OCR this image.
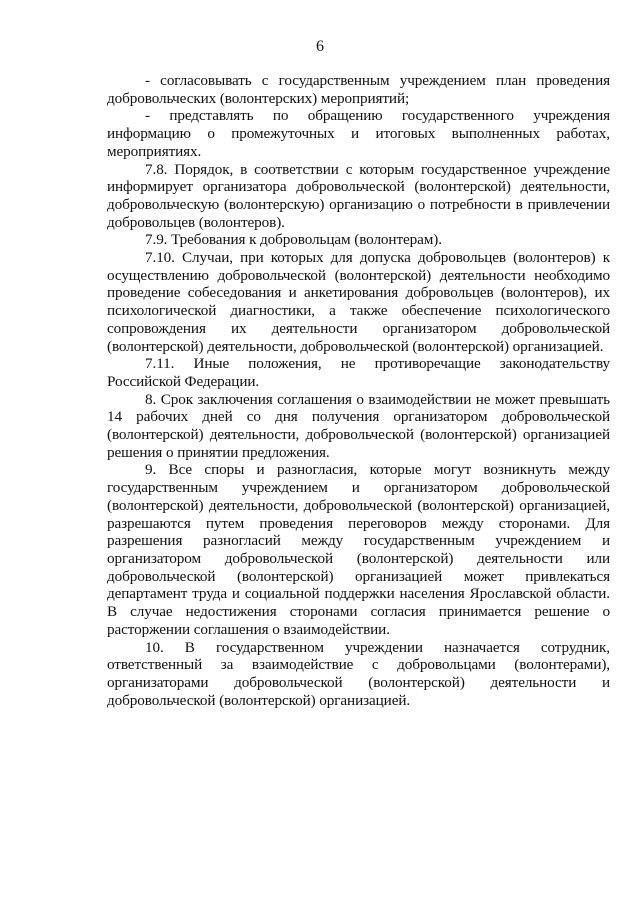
6

- согласовывать с государственным учреждением план проведения добровольческих (волонтерских) мероприятий;

- представлять по обращению государственного учреждения информацию о промежуточных и итоговых выполненных работах, мероприятиях.

7.8. Порядок, в соответствии с которым государственное учреждение информирует организатора добровольческой (волонтерской) деятельности, добровольческую (волонтерскую) организацию о потребности в привлечении добровольцев (волонтеров).

7.9. Требования к добровольцам (волонтерам).

7.10. Случаи, при которых для допуска добровольцев (волонтеров) к осуществлению добровольческой (волонтерской) деятельности необходимо проведение собеседования и анкетирования добровольцев (волонтеров), их психологической диагностики, а также обеспечение психологического сопровождения их деятельности организатором добровольческой (волонтерской) деятельности, добровольческой (волонтерской) организацией.

7.11. Иные положения, не противоречащие законодательству Российской Федерации.

8. Срок заключения соглашения о взаимодействии не может превышать 14 рабочих дней со дня получения организатором добровольческой (волонтерской) деятельности, добровольческой (волонтерской) организацией решения о принятии предложения.

9. Все споры и разногласия, которые могут возникнуть между государственным учреждением и организатором добровольческой (волонтерской) деятельности, добровольческой (волонтерской) организацией, разрешаются путем проведения переговоров между сторонами. Для разрешения разногласий между государственным учреждением и организатором добровольческой (волонтерской) деятельности или добровольческой (волонтерской) организацией может привлекаться департамент труда и социальной поддержки населения Ярославской области. В случае недостижения сторонами согласия принимается решение о расторжении соглашения о взаимодействии.

10. В государственном учреждении назначается сотрудник, ответственный за взаимодействие с добровольцами (волонтерами), организаторами добровольческой (волонтерской) деятельности и добровольческой (волонтерской) организацией.
